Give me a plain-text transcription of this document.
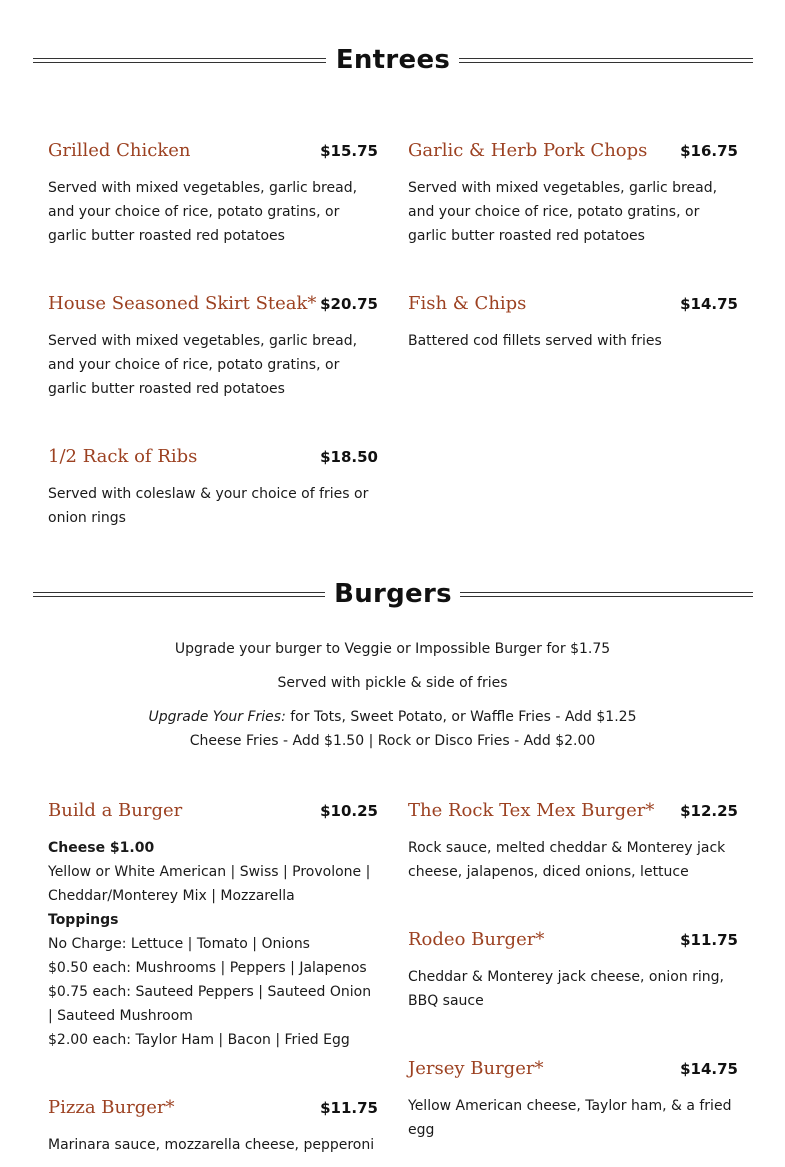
Entrees
Grilled Chicken	$15.75
Served with mixed vegetables, garlic bread, and your choice of rice, potato gratins, or garlic butter roasted red potatoes
Garlic & Herb Pork Chops $16.75
Served with mixed vegetables, garlic bread, and your choice of rice, potato gratins, or garlic butter roasted red potatoes
House Seasoned Skirt Steak* $20.75
Served with mixed vegetables, garlic bread, and your choice of rice, potato gratins, or garlic butter roasted red potatoes
Fish & Chips	$14.75
Battered cod fillets served with fries
1/2 Rack of Ribs	$18.50
Served with coleslaw & your choice of fries or onion rings
Burgers
Upgrade your burger to Veggie or Impossible Burger for $1.75
Served with pickle & side of fries
Upgrade Your Fries: for Tots, Sweet Potato, or Waffle Fries - Add $1.25
Cheese Fries - Add $1.50 | Rock or Disco Fries - Add $2.00
Build a Burger	$10.25
Cheese $1.00
Yellow or White American | Swiss | Provolone | Cheddar/Monterey Mix | Mozzarella
Toppings
No Charge: Lettuce | Tomato | Onions
$0.50 each: Mushrooms | Peppers | Jalapenos
$0.75 each: Sauteed Peppers | Sauteed Onion | Sauteed Mushroom
$2.00 each: Taylor Ham | Bacon | Fried Egg
The Rock Tex Mex Burger* $12.25
Rock sauce, melted cheddar & Monterey jack cheese, jalapenos, diced onions, lettuce
Rodeo Burger*	$11.75
Cheddar & Monterey jack cheese, onion ring, BBQ sauce
Jersey Burger*	$14.75
Yellow American cheese, Taylor ham, & a fried egg
Pizza Burger*	$11.75
Marinara sauce, mozzarella cheese, pepperoni
